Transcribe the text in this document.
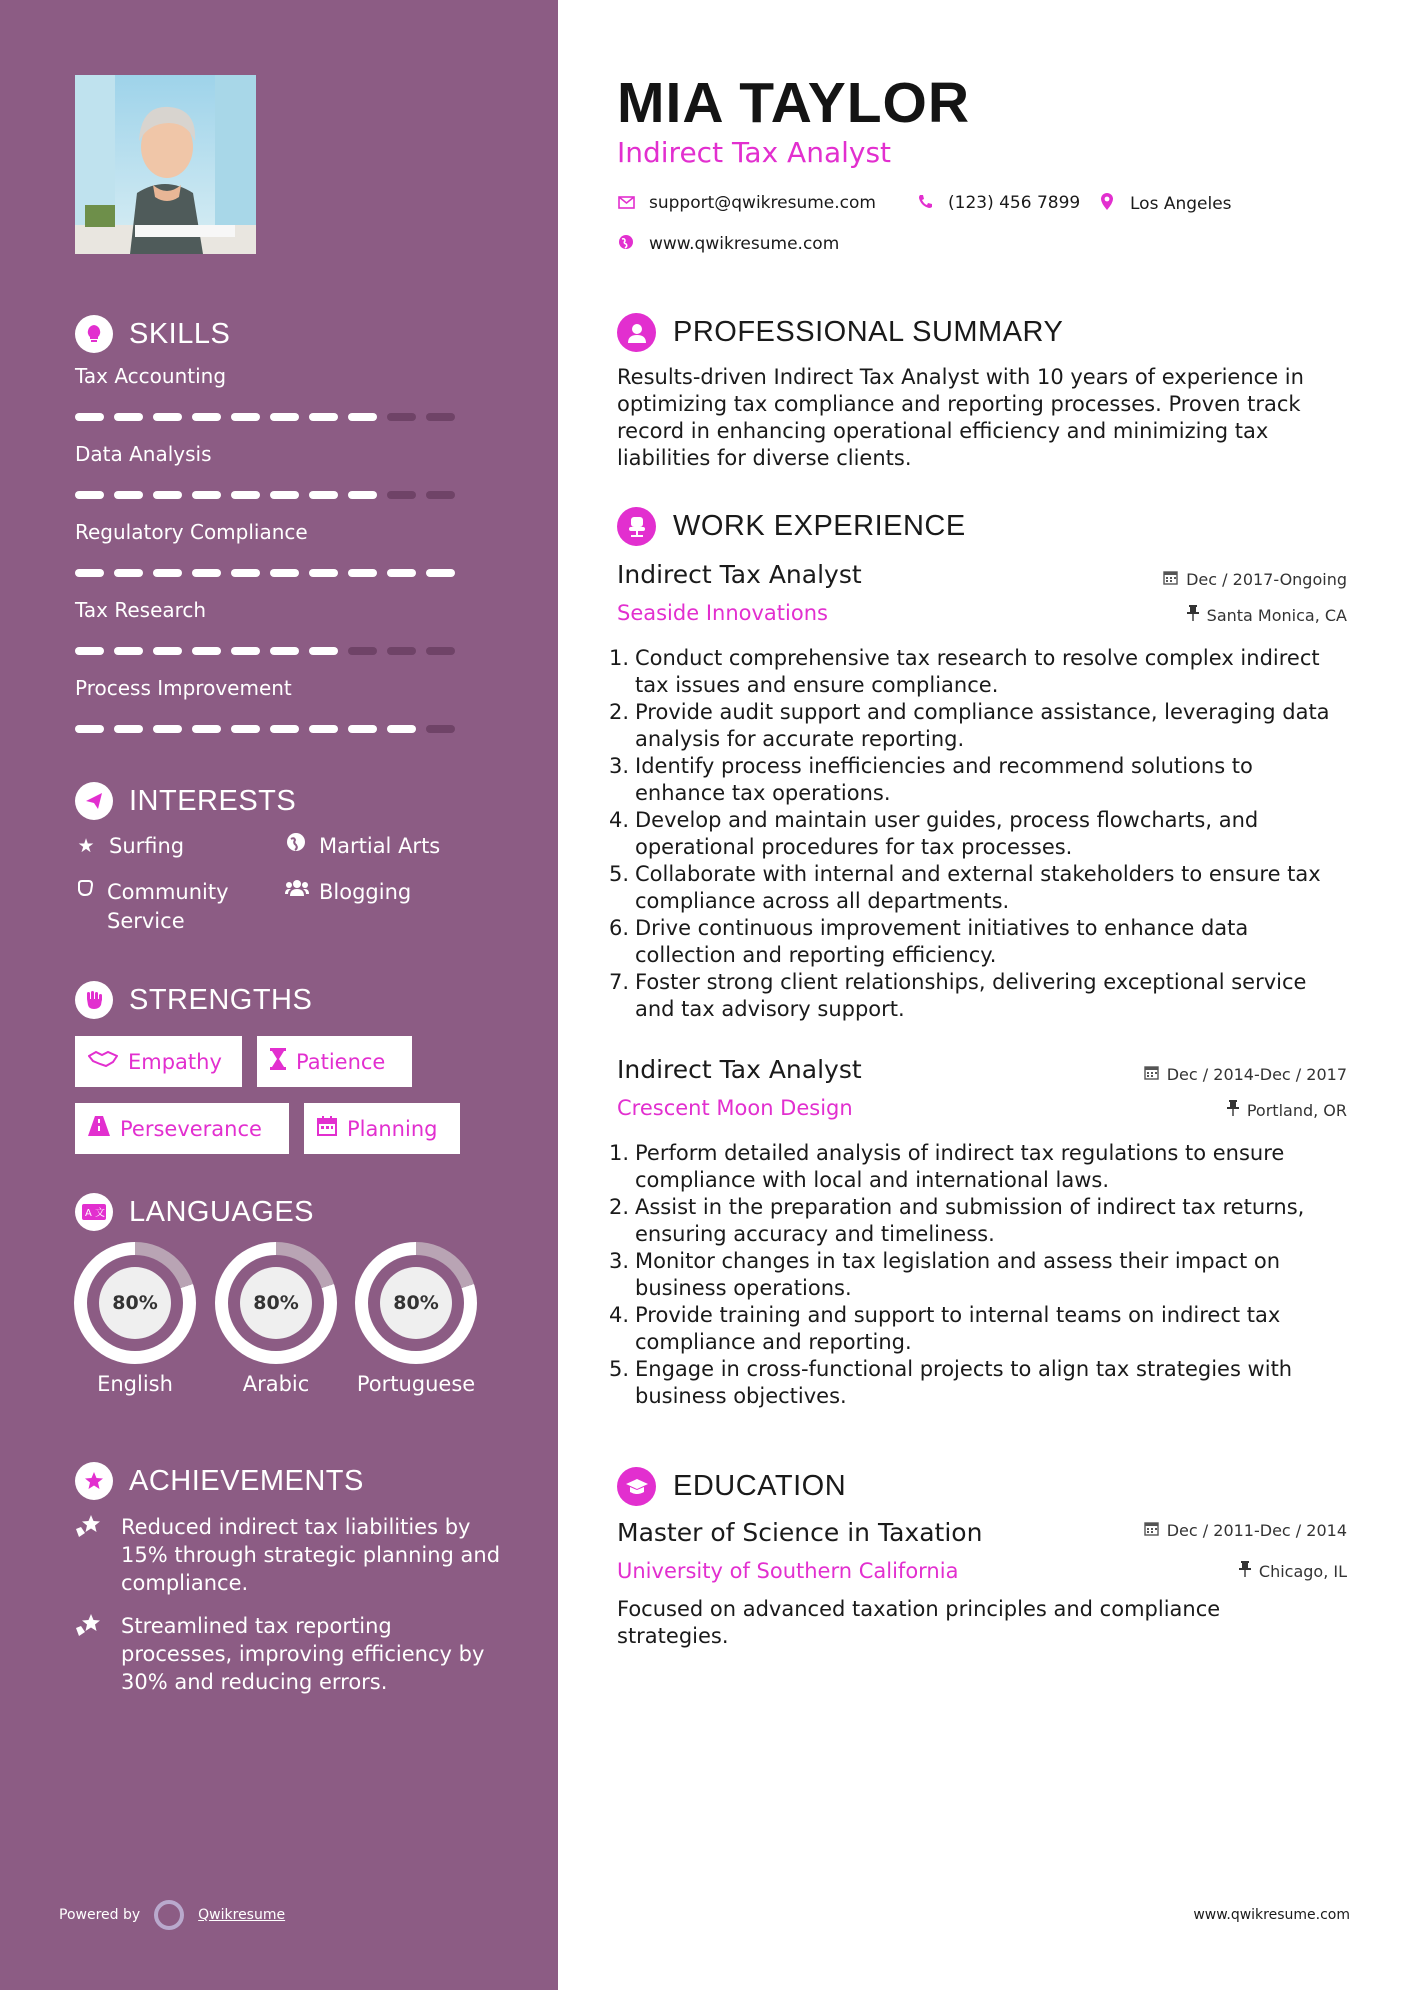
SKILLS
Tax Accounting
Data Analysis
Regulatory Compliance
Tax Research
Process Improvement
INTERESTS
★ Surfing	Martial Arts
Community Service
Blogging
STRENGTHS
Empathy	Patience
Perseverance	Planning
A 文 LANGUAGES
80%
English
80%
Arabic
80%
Portuguese
ACHIEVEMENTS
Reduced indirect tax liabilities by 15% through strategic planning and compliance.
Streamlined tax reporting processes, improving efficiency by 30% and reducing errors.
Powered by	Qwikresume
MIA TAYLOR
Indirect Tax Analyst
support@qwikresume.com	(123) 456 7899	Los Angeles
www.qwikresume.com
PROFESSIONAL SUMMARY
Results-driven Indirect Tax Analyst with 10 years of experience in optimizing tax compliance and reporting processes. Proven track record in enhancing operational efficiency and minimizing tax liabilities for diverse clients.
WORK EXPERIENCE
Indirect Tax Analyst
Seaside Innovations
Dec / 2017-Ongoing
Santa Monica, CA
1. Conduct comprehensive tax research to resolve complex indirect tax issues and ensure compliance.
2. Provide audit support and compliance assistance, leveraging data analysis for accurate reporting.
3. Identify process inefficiencies and recommend solutions to enhance tax operations.
4. Develop and maintain user guides, process flowcharts, and operational procedures for tax processes.
5. Collaborate with internal and external stakeholders to ensure tax compliance across all departments.
6. Drive continuous improvement initiatives to enhance data collection and reporting efficiency.
7. Foster strong client relationships, delivering exceptional service and tax advisory support.
Indirect Tax Analyst
Crescent Moon Design
Dec / 2014-Dec / 2017
Portland, OR
1. Perform detailed analysis of indirect tax regulations to ensure compliance with local and international laws.
2. Assist in the preparation and submission of indirect tax returns, ensuring accuracy and timeliness.
3. Monitor changes in tax legislation and assess their impact on business operations.
4. Provide training and support to internal teams on indirect tax compliance and reporting.
5. Engage in cross-functional projects to align tax strategies with business objectives.
EDUCATION
Master of Science in Taxation
University of Southern California
Dec / 2011-Dec / 2014
Chicago, IL
Focused on advanced taxation principles and compliance strategies.
www.qwikresume.com
